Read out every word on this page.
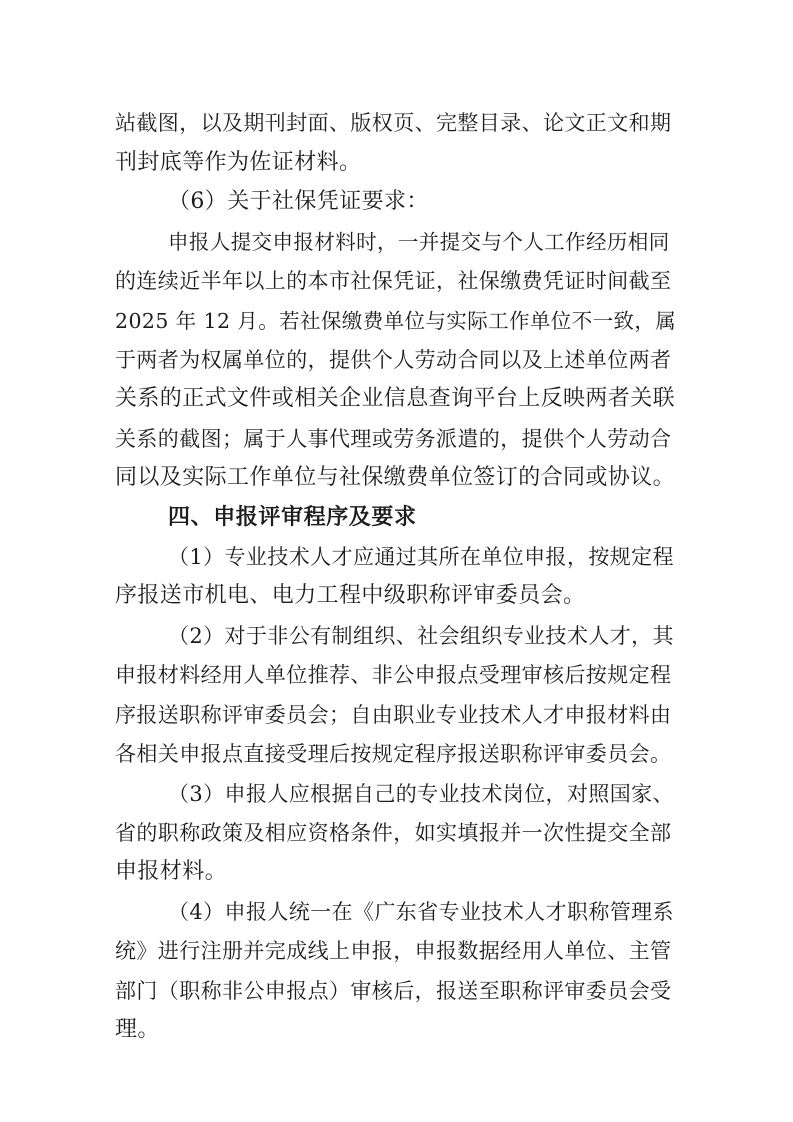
站截图，以及期刊封面、版权页、完整目录、论文正文和期

刊封底等作为佐证材料。

（6）关于社保凭证要求：

申报人提交申报材料时，一并提交与个人工作经历相同

的连续近半年以上的本市社保凭证，社保缴费凭证时间截至

2025 年 12 月。若社保缴费单位与实际工作单位不一致，属

于两者为权属单位的，提供个人劳动合同以及上述单位两者

关系的正式文件或相关企业信息查询平台上反映两者关联

关系的截图；属于人事代理或劳务派遣的，提供个人劳动合

同以及实际工作单位与社保缴费单位签订的合同或协议。

四、申报评审程序及要求

（1）专业技术人才应通过其所在单位申报，按规定程

序报送市机电、电力工程中级职称评审委员会。

（2）对于非公有制组织、社会组织专业技术人才，其

申报材料经用人单位推荐、非公申报点受理审核后按规定程

序报送职称评审委员会；自由职业专业技术人才申报材料由

各相关申报点直接受理后按规定程序报送职称评审委员会。

（3）申报人应根据自己的专业技术岗位，对照国家、

省的职称政策及相应资格条件，如实填报并一次性提交全部

申报材料。

（4）申报人统一在《广东省专业技术人才职称管理系

统》进行注册并完成线上申报，申报数据经用人单位、主管

部门（职称非公申报点）审核后，报送至职称评审委员会受

理。
